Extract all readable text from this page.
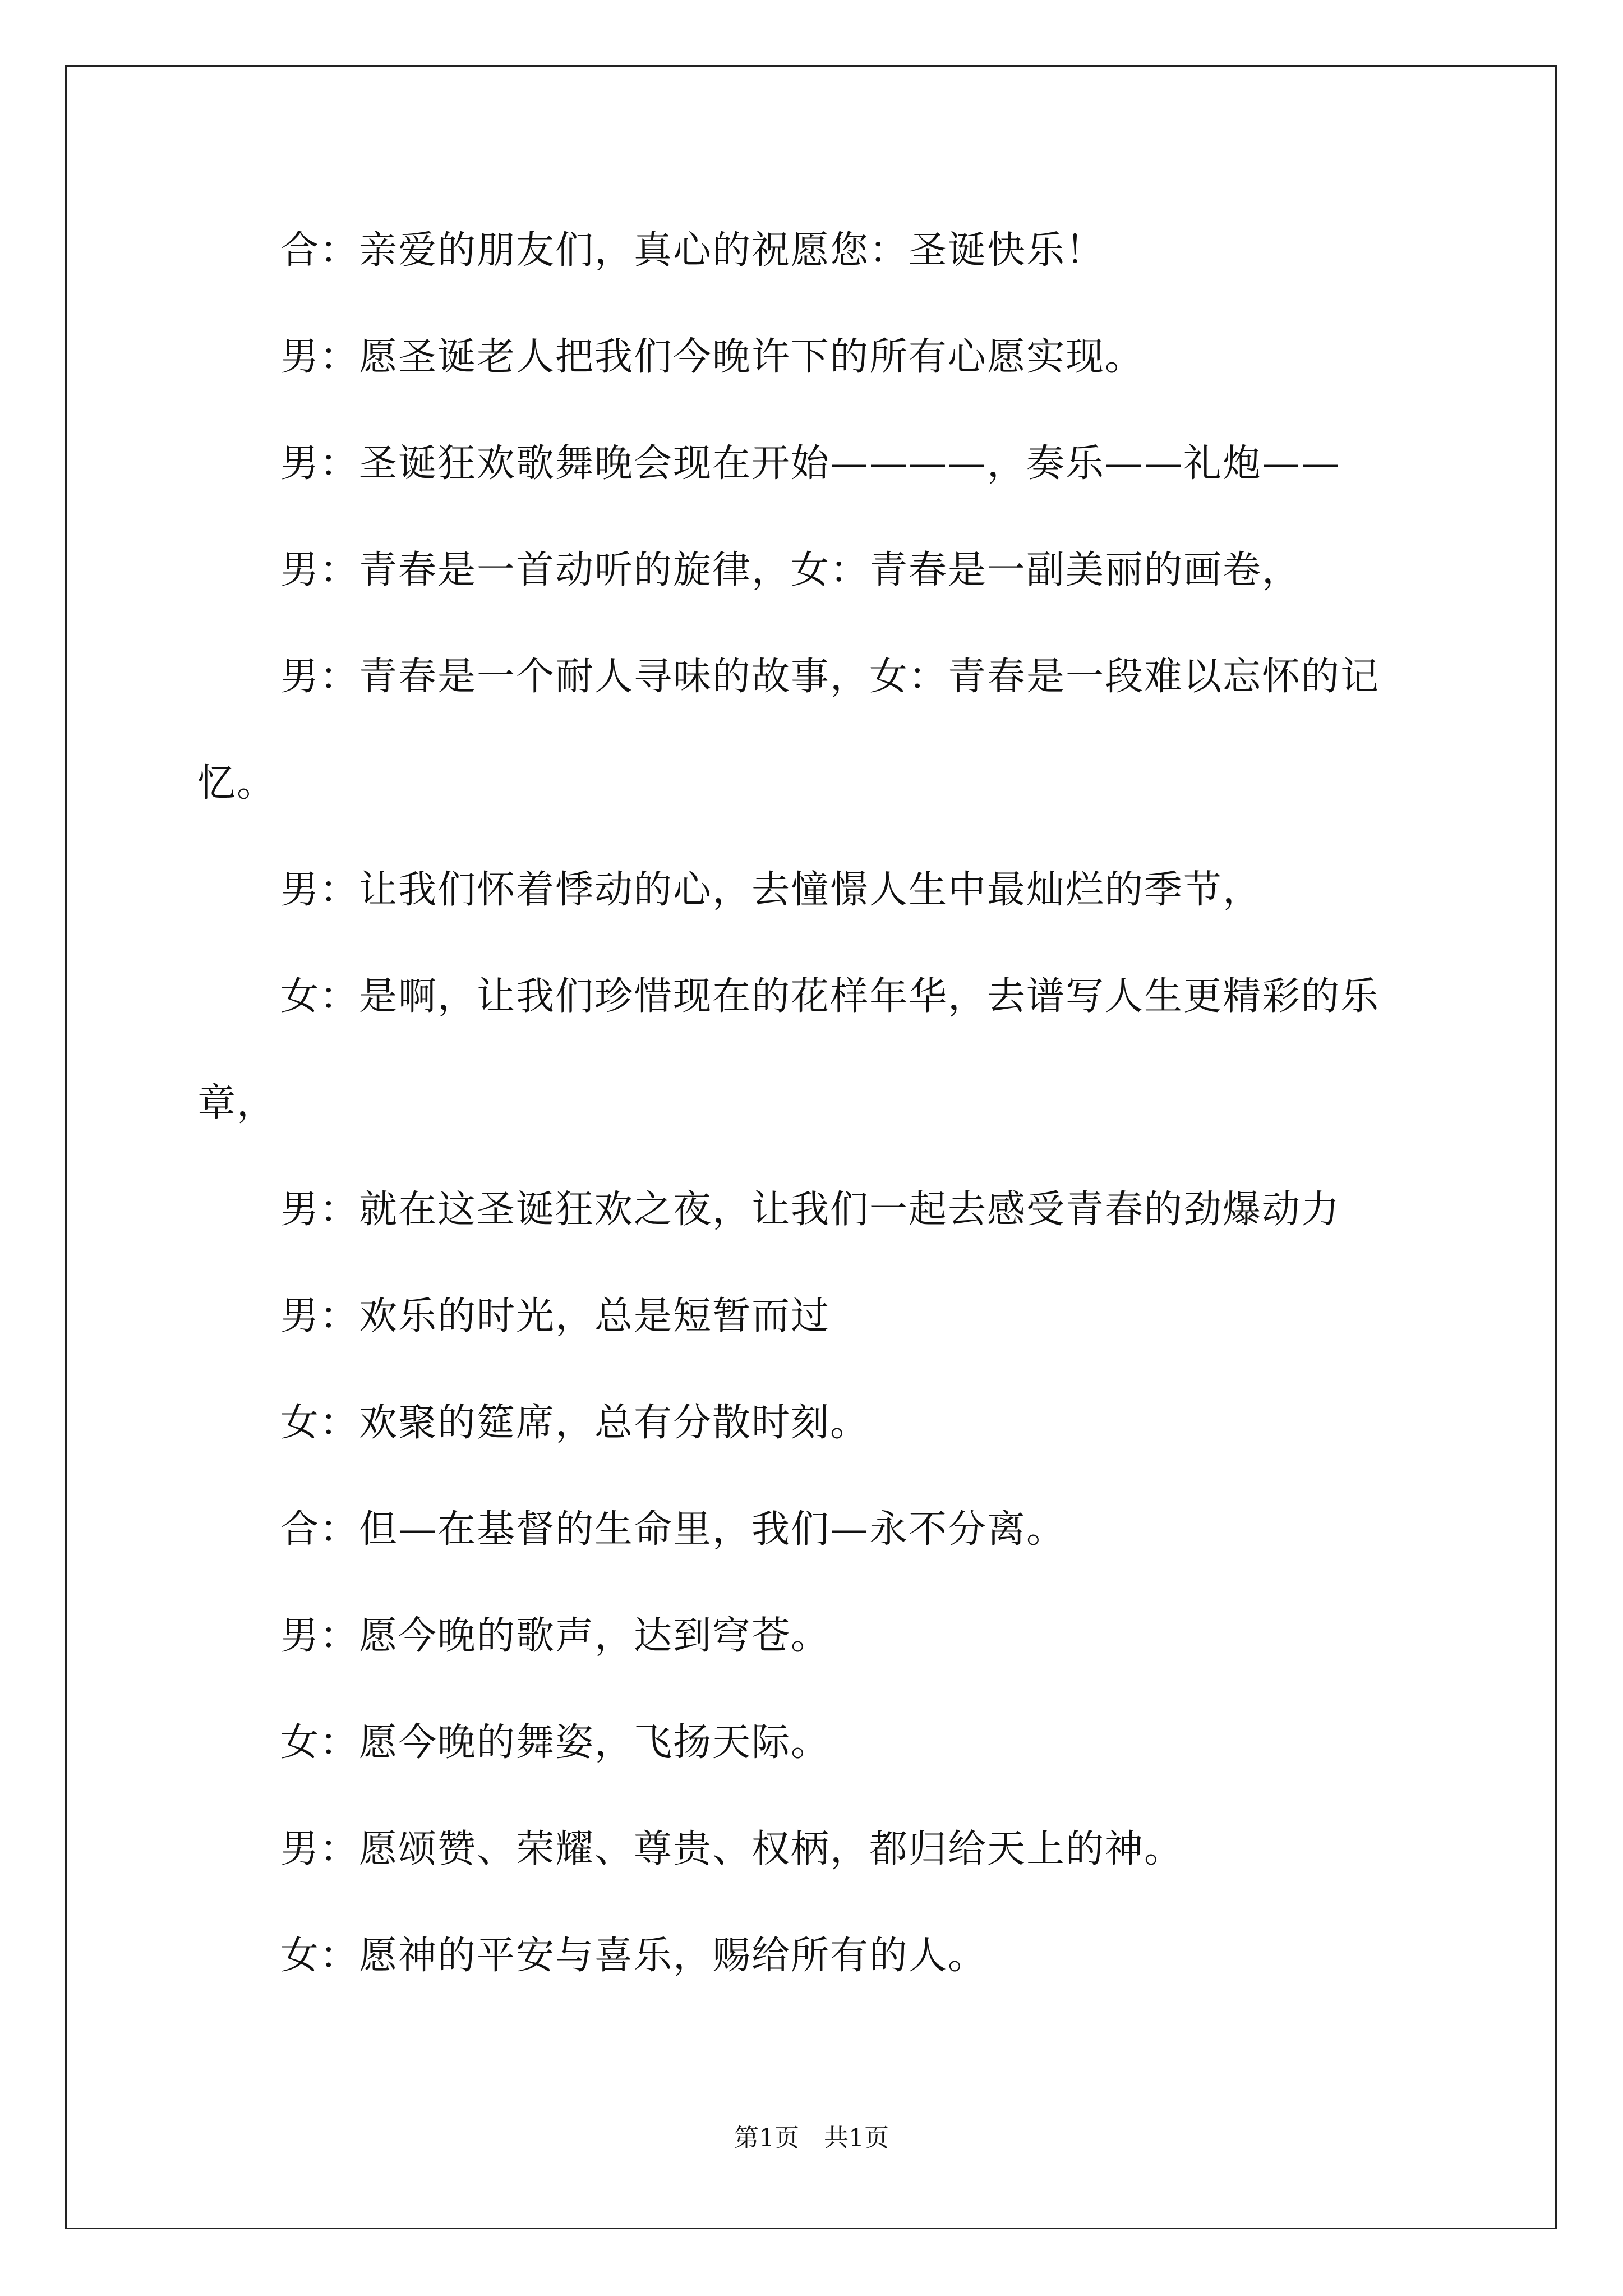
合：亲爱的朋友们，真心的祝愿您：圣诞快乐！
男：愿圣诞老人把我们今晚许下的所有心愿实现。
男：圣诞狂欢歌舞晚会现在开始————，奏乐——礼炮——
男：青春是一首动听的旋律，女：青春是一副美丽的画卷，
男：青春是一个耐人寻味的故事，女：青春是一段难以忘怀的记
忆。
男：让我们怀着悸动的心，去憧憬人生中最灿烂的季节，
女：是啊，让我们珍惜现在的花样年华，去谱写人生更精彩的乐
章，
男：就在这圣诞狂欢之夜，让我们一起去感受青春的劲爆动力
男：欢乐的时光，总是短暂而过
女：欢聚的筵席，总有分散时刻。
合：但—在基督的生命里，我们—永不分离。
男：愿今晚的歌声，达到穹苍。
女：愿今晚的舞姿，飞扬天际。
男：愿颂赞、荣耀、尊贵、权柄，都归给天上的神。
女：愿神的平安与喜乐，赐给所有的人。
第1页 共1页
